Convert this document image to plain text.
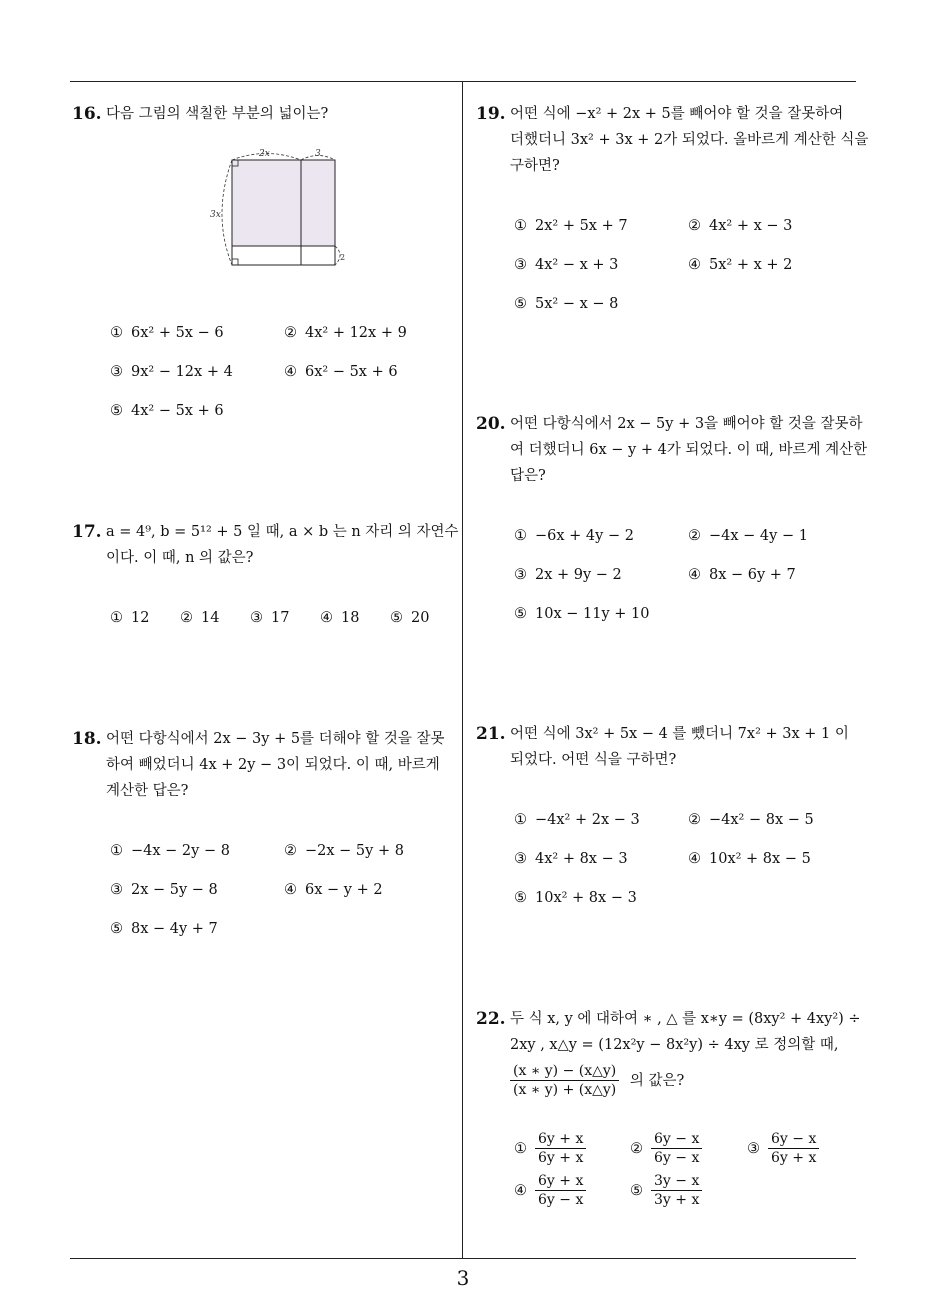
16. 다음 그림의 색칠한 부분의 넓이는?
2x	3
3x
2
① 6x² + 5x − 6	② 4x² + 12x + 9
③ 9x² − 12x + 4	④ 6x² − 5x + 6
⑤ 4x² − 5x + 6
17. a = 4⁹, b = 5¹² + 5 일 때, a × b 는 n 자리 의 자연수
이다. 이 때, n 의 값은?
① 12 ② 14 ③ 17 ④ 18 ⑤ 20
18. 어떤 다항식에서 2x − 3y + 5를 더해야 할 것을 잘못
하여 빼었더니 4x + 2y − 3이 되었다. 이 때, 바르게
계산한 답은?
① −4x − 2y − 8	② −2x − 5y + 8
③ 2x − 5y − 8	④ 6x − y + 2
⑤ 8x − 4y + 7
19. 어떤 식에 −x² + 2x + 5를 빼어야 할 것을 잘못하여
더했더니 3x² + 3x + 2가 되었다. 올바르게 계산한 식을
구하면?
① 2x² + 5x + 7	② 4x² + x − 3
③ 4x² − x + 3	④ 5x² + x + 2
⑤ 5x² − x − 8
20. 어떤 다항식에서 2x − 5y + 3을 빼어야 할 것을 잘못하
여 더했더니 6x − y + 4가 되었다. 이 때, 바르게 계산한
답은?
① −6x + 4y − 2	② −4x − 4y − 1
③ 2x + 9y − 2	④ 8x − 6y + 7
⑤ 10x − 11y + 10
21. 어떤 식에 3x² + 5x − 4 를 뺐더니 7x² + 3x + 1 이
되었다. 어떤 식을 구하면?
① −4x² + 2x − 3	② −4x² − 8x − 5
③ 4x² + 8x − 3	④ 10x² + 8x − 5
⑤ 10x² + 8x − 3
22. 두 식 x, y 에 대하여 ∗ , △ 를 x∗y = (8xy² + 4xy²) ÷
2xy , x△y = (12x²y − 8x²y) ÷ 4xy 로 정의할 때,
$\frac{(x ∗ y) - (x\triangle y)}{(x ∗ y) + (x\triangle y)}$ 의 값은?
① $\frac{6y + x}{6y + x}$	② $\frac{6y - x}{6y - x}$	③ $\frac{6y - x}{6y + x}$
④ $\frac{6y + x}{6y - x}$	⑤ $\frac{3y - x}{3y + x}$
3
